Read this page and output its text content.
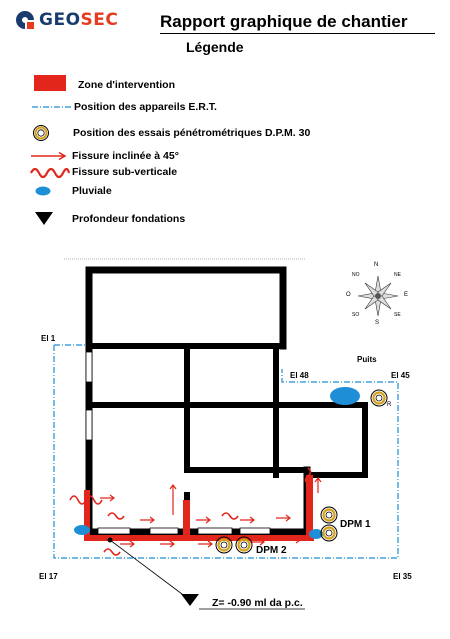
GEOSEC Rapport graphique de chantier
Légende
Zone d'intervention
Position des appareils E.R.T.
Position des essais pénétrométriques D.P.M. 30
Fissure inclinée à 45°
Fissure sub-verticale
Pluviale
Profondeur fondations
N
S
E
O
NE
NO
SE
SO
El 1
El 48	El 45
El 17	El 35
Puits
R
DPM 1
DPM 2
Z= -0.90 ml da p.c.
